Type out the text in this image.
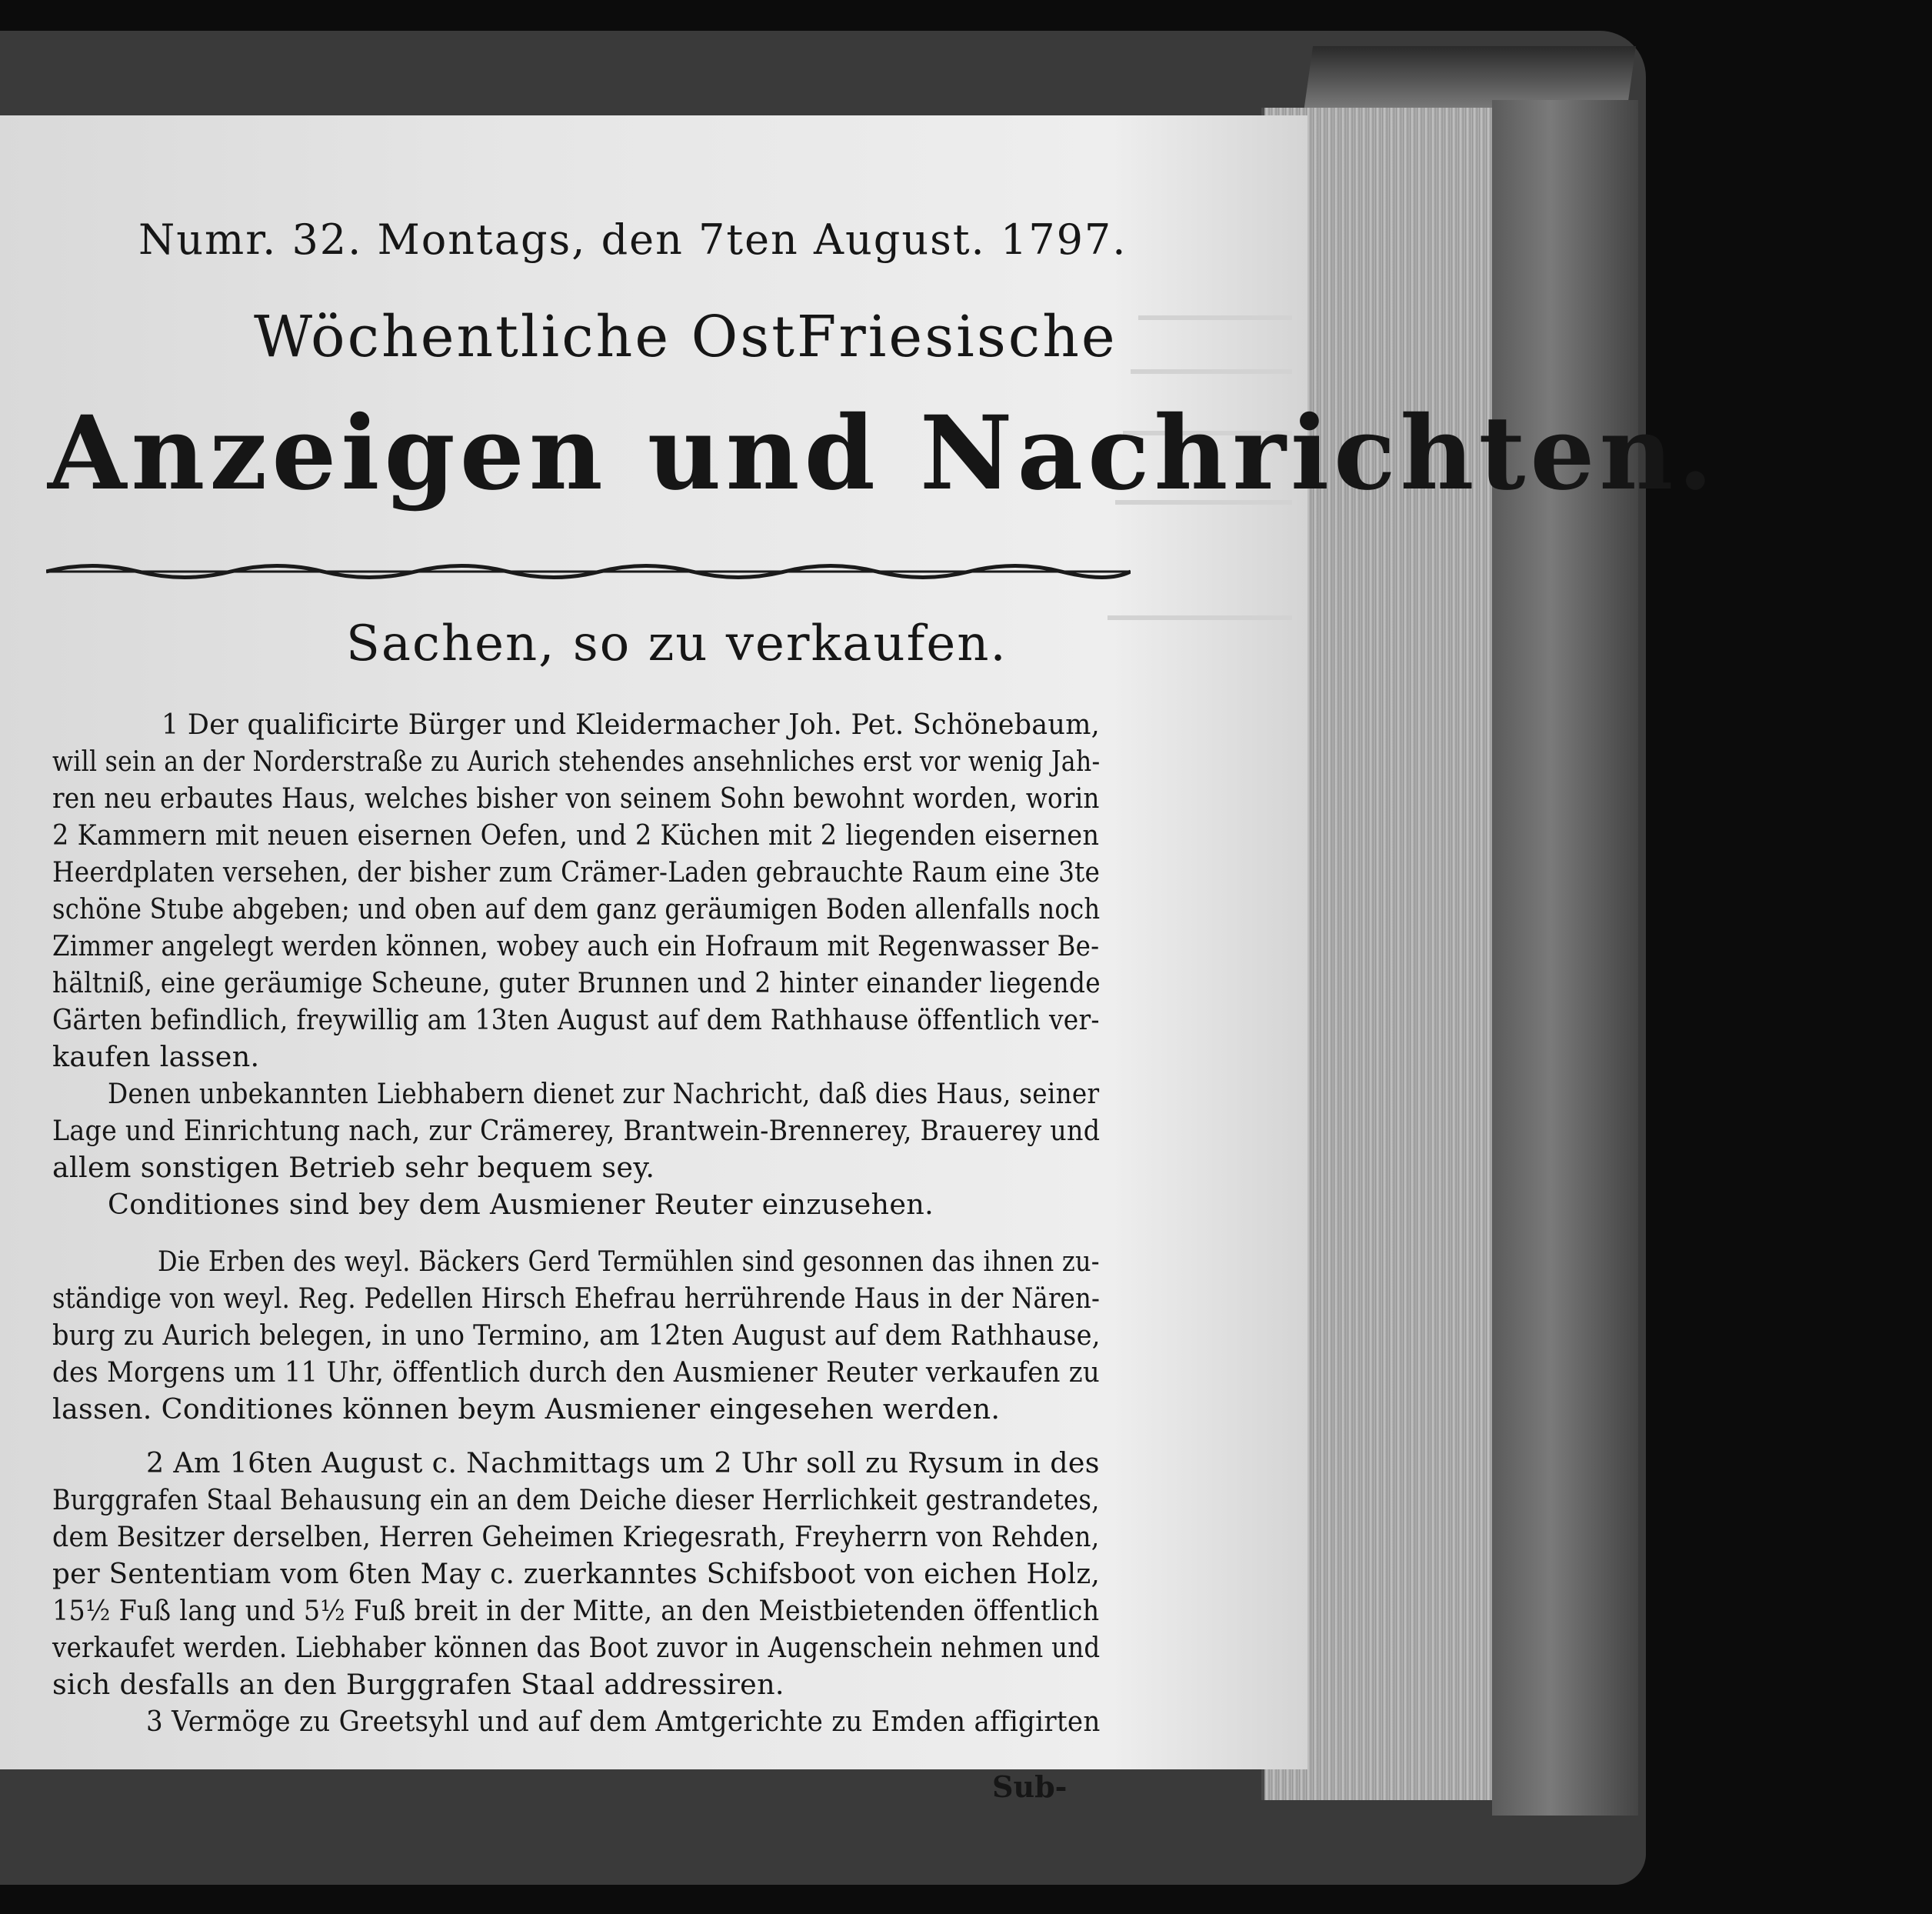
Numr. 32. Montags, den 7ten August. 1797.
Wöchentliche OstFriesische
Anzeigen und Nachrichten.
Sachen, so zu verkaufen.
1 Der qualificirte Bürger und Kleidermacher Joh. Pet. Schönebaum,
will sein an der Norderstraße zu Aurich stehendes ansehnliches erst vor wenig Jah-
ren neu erbautes Haus, welches bisher von seinem Sohn bewohnt worden, worin
2 Kammern mit neuen eisernen Oefen, und 2 Küchen mit 2 liegenden eisernen
Heerdplaten versehen, der bisher zum Crämer-Laden gebrauchte Raum eine 3te
schöne Stube abgeben; und oben auf dem ganz geräumigen Boden allenfalls noch
Zimmer angelegt werden können, wobey auch ein Hofraum mit Regenwasser Be-
hältniß, eine geräumige Scheune, guter Brunnen und 2 hinter einander liegende
Gärten befindlich, freywillig am 13ten August auf dem Rathhause öffentlich ver-
kaufen lassen.
Denen unbekannten Liebhabern dienet zur Nachricht, daß dies Haus, seiner
Lage und Einrichtung nach, zur Crämerey, Brantwein-Brennerey, Brauerey und
allem sonstigen Betrieb sehr bequem sey.
Conditiones sind bey dem Ausmiener Reuter einzusehen.
Die Erben des weyl. Bäckers Gerd Termühlen sind gesonnen das ihnen zu-
ständige von weyl. Reg. Pedellen Hirsch Ehefrau herrührende Haus in der Nären-
burg zu Aurich belegen, in uno Termino, am 12ten August auf dem Rathhause,
des Morgens um 11 Uhr, öffentlich durch den Ausmiener Reuter verkaufen zu
lassen. Conditiones können beym Ausmiener eingesehen werden.
2 Am 16ten August c. Nachmittags um 2 Uhr soll zu Rysum in des
Burggrafen Staal Behausung ein an dem Deiche dieser Herrlichkeit gestrandetes,
dem Besitzer derselben, Herren Geheimen Kriegesrath, Freyherrn von Rehden,
per Sententiam vom 6ten May c. zuerkanntes Schifsboot von eichen Holz,
15½ Fuß lang und 5½ Fuß breit in der Mitte, an den Meistbietenden öffentlich
verkaufet werden. Liebhaber können das Boot zuvor in Augenschein nehmen und
sich desfalls an den Burggrafen Staal addressiren.
3 Vermöge zu Greetsyhl und auf dem Amtgerichte zu Emden affigirten
Sub-
